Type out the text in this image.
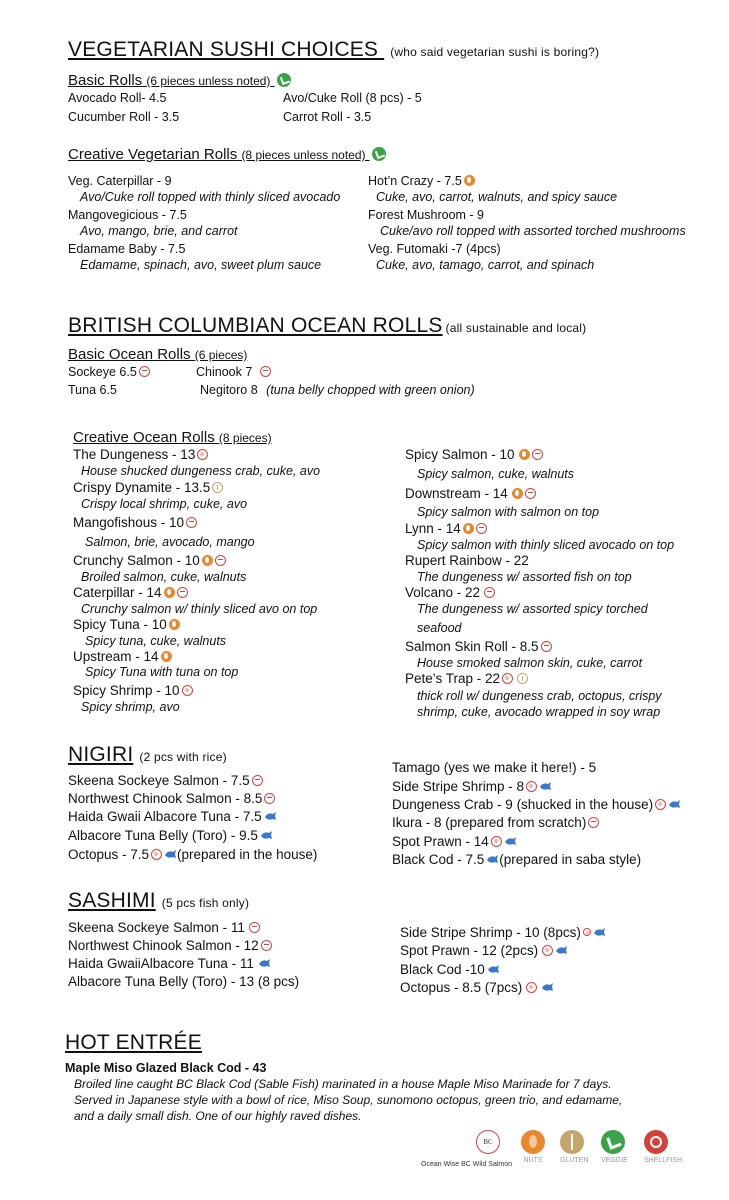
VEGETARIAN SUSHI CHOICES (who said vegetarian sushi is boring?)
Basic Rolls (6 pieces unless noted)
Avocado Roll- 4.5	Avo/Cuke Roll (8 pcs) - 5
Cucumber Roll - 3.5	Carrot Roll - 3.5
Creative Vegetarian Rolls (8 pieces unless noted)
Veg. Caterpillar - 9
Avo/Cuke roll topped with thinly sliced avocado
Mangovegicious - 7.5
Avo, mango, brie, and carrot
Edamame Baby - 7.5
Edamame, spinach, avo, sweet plum sauce
Hot’n Crazy - 7.5
Cuke, avo, carrot, walnuts, and spicy sauce
Forest Mushroom - 9
Cuke/avo roll topped with assorted torched mushrooms
Veg. Futomaki -7 (4pcs)
Cuke, avo, tamago, carrot, and spinach
BRITISH COLUMBIAN OCEAN ROLLS (all sustainable and local)
Basic Ocean Rolls (6 pieces)
Sockeye 6.5	Chinook 7
Tuna 6.5	Negitoro 8 (tuna belly chopped with green onion)
Creative Ocean Rolls (8 pieces)
The Dungeness - 13
House shucked dungeness crab, cuke, avo
Crispy Dynamite - 13.5
Crispy local shrimp, cuke, avo
Mangofishous - 10
Salmon, brie, avocado, mango
Crunchy Salmon - 10
Broiled salmon, cuke, walnuts
Caterpillar - 14
Crunchy salmon w/ thinly sliced avo on top
Spicy Tuna - 10
Spicy tuna, cuke, walnuts
Upstream - 14
Spicy Tuna with tuna on top
Spicy Shrimp - 10
Spicy shrimp, avo
Spicy Salmon - 10
Spicy salmon, cuke, walnuts
Downstream - 14
Spicy salmon with salmon on top
Lynn - 14
Spicy salmon with thinly sliced avocado on top
Rupert Rainbow - 22
The dungeness w/ assorted fish on top
Volcano - 22
The dungeness w/ assorted spicy torched
seafood
Salmon Skin Roll - 8.5
House smoked salmon skin, cuke, carrot
Pete’s Trap - 22
thick roll w/ dungeness crab, octopus, crispy
shrimp, cuke, avocado wrapped in soy wrap
NIGIRI (2 pcs with rice)
Skeena Sockeye Salmon - 7.5
Northwest Chinook Salmon - 8.5
Haida Gwaii Albacore Tuna - 7.5
Albacore Tuna Belly (Toro) - 9.5
Octopus - 7.5 (prepared in the house)
Tamago (yes we make it here!) - 5
Side Stripe Shrimp - 8
Dungeness Crab - 9 (shucked in the house)
Ikura - 8 (prepared from scratch)
Spot Prawn - 14
Black Cod - 7.5 (prepared in saba style)
SASHIMI (5 pcs fish only)
Skeena Sockeye Salmon - 11
Northwest Chinook Salmon - 12
Haida GwaiiAlbacore Tuna - 11
Albacore Tuna Belly (Toro) - 13 (8 pcs)
Side Stripe Shrimp - 10 (8pcs)
Spot Prawn - 12 (2pcs)
Black Cod -10
Octopus - 8.5 (7pcs)
HOT ENTRÉE
Maple Miso Glazed Black Cod - 43
Broiled line caught BC Black Cod (Sable Fish) marinated in a house Maple Miso Marinade for 7 days.
Served in Japanese style with a bowl of rice, Miso Soup, sunomono octopus, green trio, and edamame,
and a daily small dish. One of our highly raved dishes.
BC
Ocean Wise BC Wild Salmon
NUTS	GLUTEN VEGGIE SHELLFISH
